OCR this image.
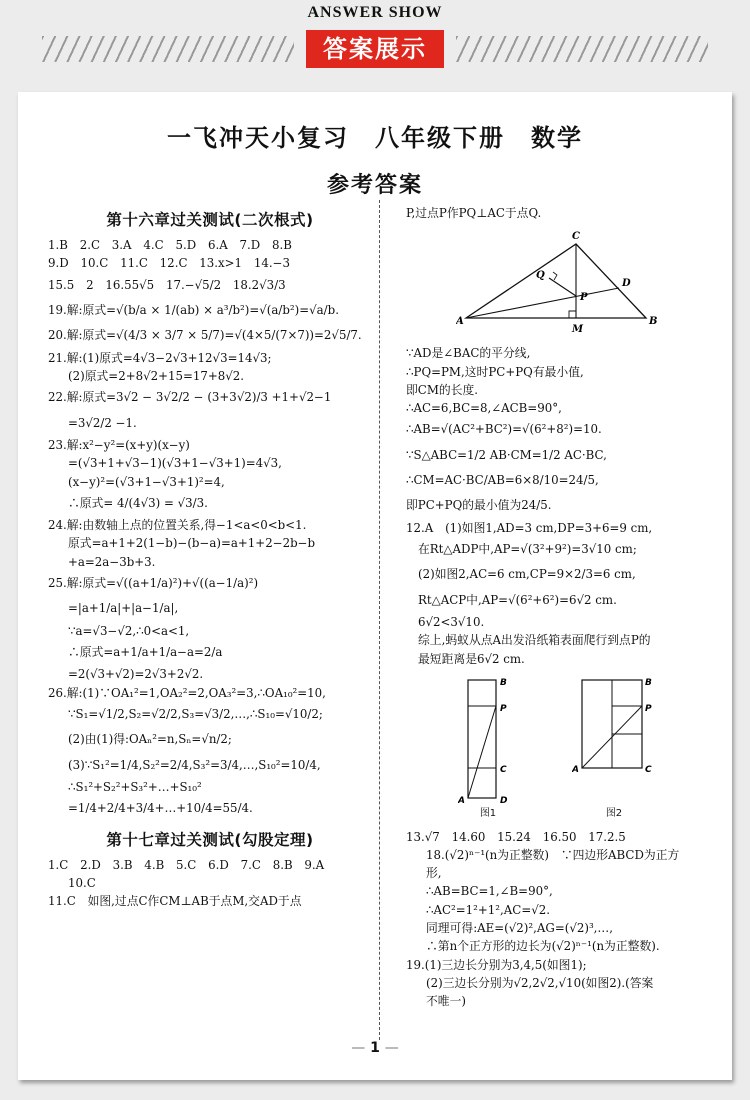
ANSWER SHOW
答案展示
一飞冲天小复习　八年级下册　数学
参考答案
第十六章过关测试(二次根式)
1.B　2.C　3.A　4.C　5.D　6.A　7.D　8.B
9.D　10.C　11.C　12.C　13.x>1　14.−3
15.5　2　16.55√5　17.−√5/2　18.2√3/3
19.解:原式=√(b/a × 1/(ab) × a³/b²)=√(a/b²)=√a/b.
20.解:原式=√(4/3 × 3/7 × 5/7)=√(4×5/(7×7))=2√5/7.
21.解:(1)原式=4√3−2√3+12√3=14√3;
(2)原式=2+8√2+15=17+8√2.
22.解:原式=3√2 − 3√2/2 − (3+3√2)/3 +1+√2−1
=3√2/2 −1.
23.解:x²−y²=(x+y)(x−y)
=(√3+1+√3−1)(√3+1−√3+1)=4√3,
(x−y)²=(√3+1−√3+1)²=4,
∴原式= 4/(4√3) = √3/3.
24.解:由数轴上点的位置关系,得−1<a<0<b<1.
原式=a+1+2(1−b)−(b−a)=a+1+2−2b−b
+a=2a−3b+3.
25.解:原式=√((a+1/a)²)+√((a−1/a)²)
=|a+1/a|+|a−1/a|,
∵a=√3−√2,∴0<a<1,
∴原式=a+1/a+1/a−a=2/a
=2(√3+√2)=2√3+2√2.
26.解:(1)∵OA₁²=1,OA₂²=2,OA₃²=3,∴OA₁₀²=10,
∵S₁=√1/2,S₂=√2/2,S₃=√3/2,…,∴S₁₀=√10/2;
(2)由(1)得:OAₙ²=n,Sₙ=√n/2;
(3)∵S₁²=1/4,S₂²=2/4,S₃²=3/4,…,S₁₀²=10/4,
∴S₁²+S₂²+S₃²+…+S₁₀²
=1/4+2/4+3/4+…+10/4=55/4.
第十七章过关测试(勾股定理)
1.C　2.D　3.B　4.B　5.C　6.D　7.C　8.B　9.A
10.C
11.C　如图,过点C作CM⊥AB于点M,交AD于点
P,过点P作PQ⊥AC于点Q.
C
Q
D
P
A
M
B
∵AD是∠BAC的平分线,
∴PQ=PM,这时PC+PQ有最小值,
即CM的长度.
∴AC=6,BC=8,∠ACB=90°,
∴AB=√(AC²+BC²)=√(6²+8²)=10.
∵S△ABC=1/2 AB·CM=1/2 AC·BC,
∴CM=AC·BC/AB=6×8/10=24/5,
即PC+PQ的最小值为24/5.
12.A　(1)如图1,AD=3 cm,DP=3+6=9 cm,
在Rt△ADP中,AP=√(3²+9²)=3√10 cm;
(2)如图2,AC=6 cm,CP=9×2/3=6 cm,
Rt△ACP中,AP=√(6²+6²)=6√2 cm.
6√2<3√10.
综上,蚂蚁从点A出发沿纸箱表面爬行到点P的
最短距离是6√2 cm.
B
P
C
A	D
图1
B
P
A	C
图2
13.√7　14.60　15.24　16.50　17.2.5
18.(√2)ⁿ⁻¹(n为正整数)　∵四边形ABCD为正方
形,
∴AB=BC=1,∠B=90°,
∴AC²=1²+1²,AC=√2.
同理可得:AE=(√2)²,AG=(√2)³,…,
∴第n个正方形的边长为(√2)ⁿ⁻¹(n为正整数).
19.(1)三边长分别为3,4,5(如图1);
(2)三边长分别为√2,2√2,√10(如图2).(答案
不唯一)
— 1 —
